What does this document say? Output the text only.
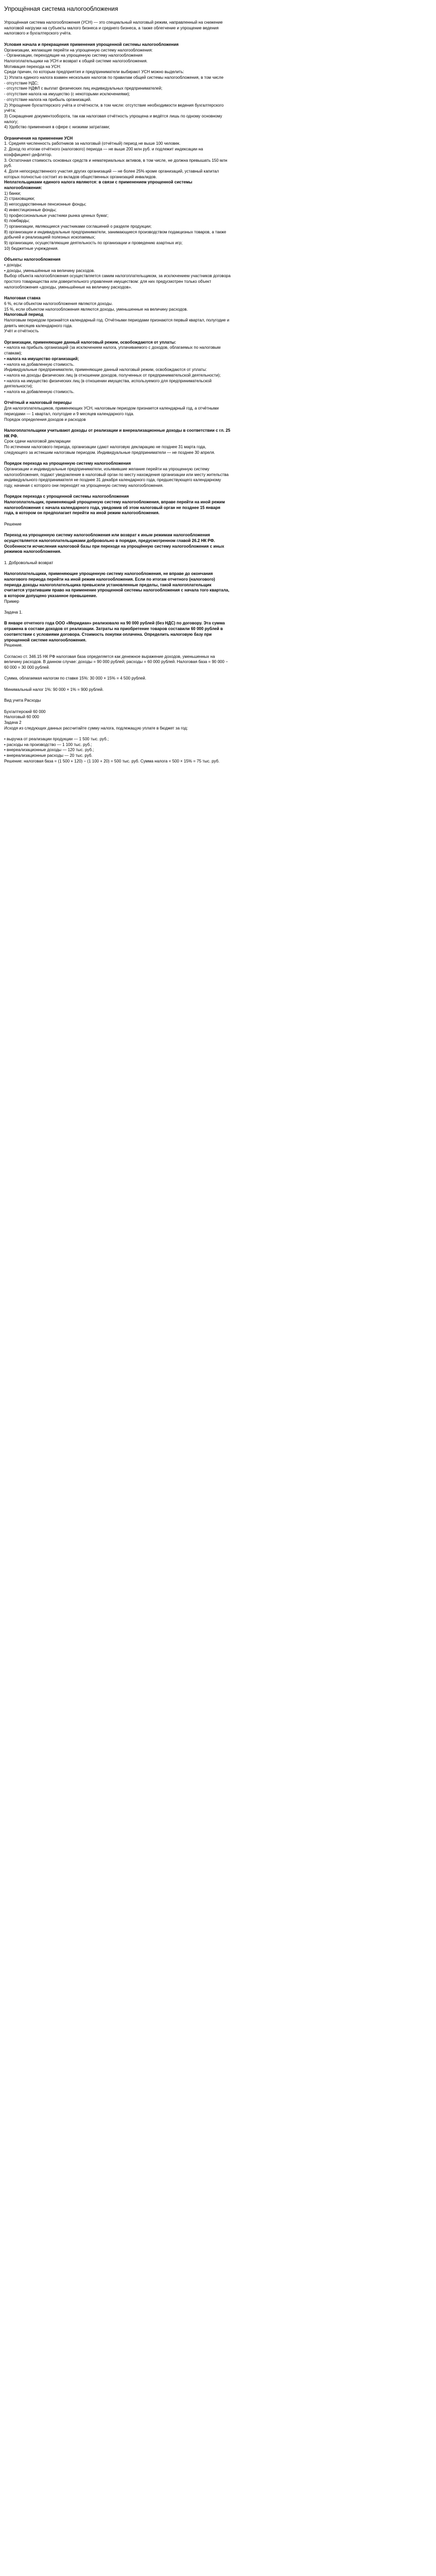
Упрощённая система налогообложения

Упрощённая система налогообложения (УСН) — это специальный налоговый режим, направленный на снижение налоговой нагрузки на субъекты малого бизнеса и среднего бизнеса, а также облегчение и упрощение ведения налогового и бухгалтерского учёта.

Условия начала и прекращения применения упрощенной системы налогообложения

Организации, желающие перейти на упрощенную систему налогообложения:

- Организации, переходящие на упрощенную систему налогообложения

Налогоплательщики на УСН и возврат к общей системе налогообложения.

Мотивация перехода на УСН:

Среди причин, по которым предприятия и предприниматели выбирают УСН можно выделить:

1) Уплата единого налога взамен нескольких налогов по правилам общей системы налогообложения, в том числе

- отсутствие НДС;

- отсутствие НДФЛ с выплат физических лиц индивидуальных предпринимателей;

- отсутствие налога на имущество (с некоторыми исключениями);

- отсутствие налога на прибыль организаций.

2) Упрощение бухгалтерского учёта и отчётности, в том числе: отсутствие необходимости ведения бухгалтерского учёта;

3) Сокращение документооборота, так как налоговая отчётность упрощена и ведётся лишь по одному основному налогу;

4) Удобство применения в сфере с низкими затратами;

Ограничения на применение УСН

1. Средняя численность работников за налоговый (отчётный) период не выше 100 человек.

2. Доход по итогам отчётного (налогового) периода — не выше 200 млн руб. и подлежит индексации на коэффициент-дефлятор.

3. Остаточная стоимость основных средств и нематериальных активов, в том числе, не должна превышать 150 млн руб.

4. Доля непосредственного участия других организаций — не более 25% кроме организаций, уставный капитал которых полностью состоит из вкладов общественных организаций инвалидов.

Неплательщиками единого налога являются: в связи с применением упрощенной системы налогообложения:

1) банки;

2) страховщики;

3) негосударственные пенсионные фонды;

4) инвестиционные фонды;

5) профессиональные участники рынка ценных бумаг;

6) ломбарды;

7) организации, являющиеся участниками соглашений о разделе продукции;

8) организации и индивидуальные предприниматели, занимающиеся производством подакцизных товаров, а также добычей и реализацией полезных ископаемых;

9) организации, осуществляющие деятельность по организации и проведению азартных игр;

10) бюджетные учреждения.

Объекты налогообложения

• доходы;

• доходы, уменьшённые на величину расходов.

Выбор объекта налогообложения осуществляется самим налогоплательщиком, за исключением участников договора простого товарищества или доверительного управления имуществом: для них предусмотрен только объект налогообложения «доходы, уменьшённые на величину расходов».

Налоговая ставка

6 %, если объектом налогообложения являются доходы.

15 %, если объектом налогообложения являются доходы, уменьшенные на величину расходов.

Налоговый период

Налоговым периодом признаётся календарный год. Отчётными периодами признаются первый квартал, полугодие и девять месяцев календарного года.

Учёт и отчётность

Организации, применяющие данный налоговый режим, освобождаются от уплаты:

• налога на прибыль организаций (за исключением налога, уплачиваемого с доходов, облагаемых по налоговым ставкам);

• налога на имущество организаций;

• налога на добавленную стоимость.

Индивидуальные предприниматели, применяющие данный налоговый режим, освобождаются от уплаты:

• налога на доходы физических лиц (в отношении доходов, полученных от предпринимательской деятельности);

• налога на имущество физических лиц (в отношении имущества, используемого для предпринимательской деятельности);

• налога на добавленную стоимость.

Отчётный и налоговый периоды

Для налогоплательщиков, применяющих УСН, налоговым периодом признается календарный год, а отчётными периодами — 1 квартал, полугодие и 9 месяцев календарного года.

Порядок определения доходов и расходов

Налогоплательщики учитывают доходы от реализации и внереализационные доходы в соответствии с гл. 25 НК РФ.

Срок сдачи налоговой декларации

По истечении налогового периода, организации сдают налоговую декларацию не позднее 31 марта года, следующего за истекшим налоговым периодом. Индивидуальные предприниматели — не позднее 30 апреля.

Порядок перехода на упрощенную систему налогообложения

Организации и индивидуальные предприниматели, изъявившие желание перейти на упрощенную систему налогообложения, подают уведомление в налоговый орган по месту нахождения организации или месту жительства индивидуального предпринимателя не позднее 31 декабря календарного года, предшествующего календарному году, начиная с которого они переходят на упрощенную систему налогообложения.

Порядок перехода с упрощенной системы налогообложения

Налогоплательщик, применяющий упрощенную систему налогообложения, вправе перейти на иной режим налогообложения с начала календарного года, уведомив об этом налоговый орган не позднее 15 января года, в котором он предполагает перейти на иной режим налогообложения.

Решение

Переход на упрощенную систему налогообложения или возврат к иным режимам налогообложения осуществляется налогоплательщиками добровольно в порядке, предусмотренном главой 26.2 НК РФ.

Особенности исчисления налоговой базы при переходе на упрощённую систему налогообложения с иных режимов налогообложения.

1. Добровольный возврат

Налогоплательщики, применяющие упрощенную систему налогообложения, не вправе до окончания налогового периода перейти на иной режим налогообложения. Если по итогам отчетного (налогового) периода доходы налогоплательщика превысили установленные пределы, такой налогоплательщик считается утратившим право на применение упрощенной системы налогообложения с начала того квартала, в котором допущено указанное превышение.

Пример

Задача 1.

В январе отчетного года ООО «Меридиан» реализовало на 90 000 рублей (без НДС) по договору. Эта сумма отражена в составе доходов от реализации. Затраты на приобретение товаров составили 60 000 рублей в соответствии с условиями договора. Стоимость покупки оплачена. Определить налоговую базу при упрощенной системе налогообложения.

Решение.

Согласно ст. 346.15 НК РФ налоговая база определяется как денежное выражение доходов, уменьшенных на величину расходов. В данном случае: доходы = 90 000 рублей; расходы = 60 000 рублей. Налоговая база = 90 000 − 60 000 = 30 000 рублей.

Сумма, облагаемая налогом по ставке 15%: 30 000 × 15% = 4 500 рублей.

Минимальный налог 1%: 90 000 × 1% = 900 рублей.

Вид учета Расходы

Бухгалтерский 60 000

Налоговый 60 000

Задача 2

Исходя из следующих данных рассчитайте сумму налога, подлежащую уплате в бюджет за год:

• выручка от реализации продукции — 1 500 тыс. руб.;

• расходы на производство — 1 100 тыс. руб.;

• внереализационные доходы — 120 тыс. руб.;

• внереализационные расходы — 20 тыс. руб.

Решение: налоговая база = (1 500 + 120) − (1 100 + 20) = 500 тыс. руб. Сумма налога = 500 × 15% = 75 тыс. руб.
